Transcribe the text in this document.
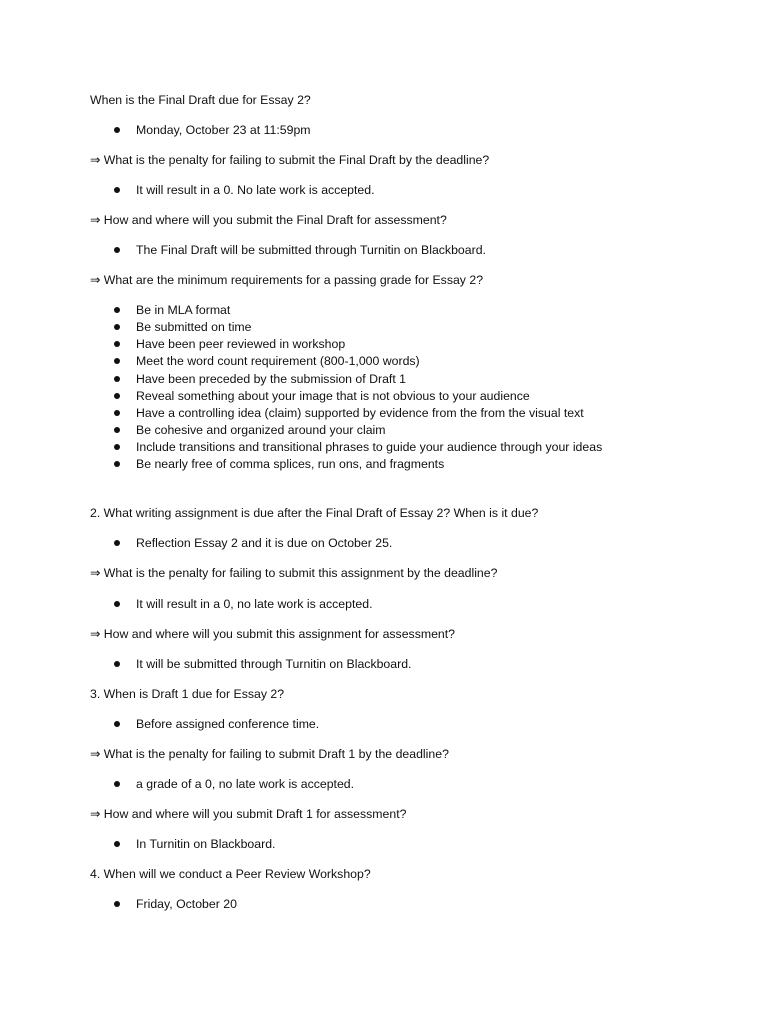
When is the Final Draft due for Essay 2?
Monday, October 23 at 11:59pm
⇒ What is the penalty for failing to submit the Final Draft by the deadline?
It will result in a 0. No late work is accepted.
⇒ How and where will you submit the Final Draft for assessment?
The Final Draft will be submitted through Turnitin on Blackboard.
⇒ What are the minimum requirements for a passing grade for Essay 2?
Be in MLA format
Be submitted on time
Have been peer reviewed in workshop
Meet the word count requirement (800-1,000 words)
Have been preceded by the submission of Draft 1
Reveal something about your image that is not obvious to your audience
Have a controlling idea (claim) supported by evidence from the from the visual text
Be cohesive and organized around your claim
Include transitions and transitional phrases to guide your audience through your ideas
Be nearly free of comma splices, run ons, and fragments
2. What writing assignment is due after the Final Draft of Essay 2? When is it due?
Reflection Essay 2 and it is due on October 25.
⇒ What is the penalty for failing to submit this assignment by the deadline?
It will result in a 0, no late work is accepted.
⇒ How and where will you submit this assignment for assessment?
It will be submitted through Turnitin on Blackboard.
3. When is Draft 1 due for Essay 2?
Before assigned conference time.
⇒ What is the penalty for failing to submit Draft 1 by the deadline?
a grade of a 0, no late work is accepted.
⇒ How and where will you submit Draft 1 for assessment?
In Turnitin on Blackboard.
4. When will we conduct a Peer Review Workshop?
Friday, October 20
